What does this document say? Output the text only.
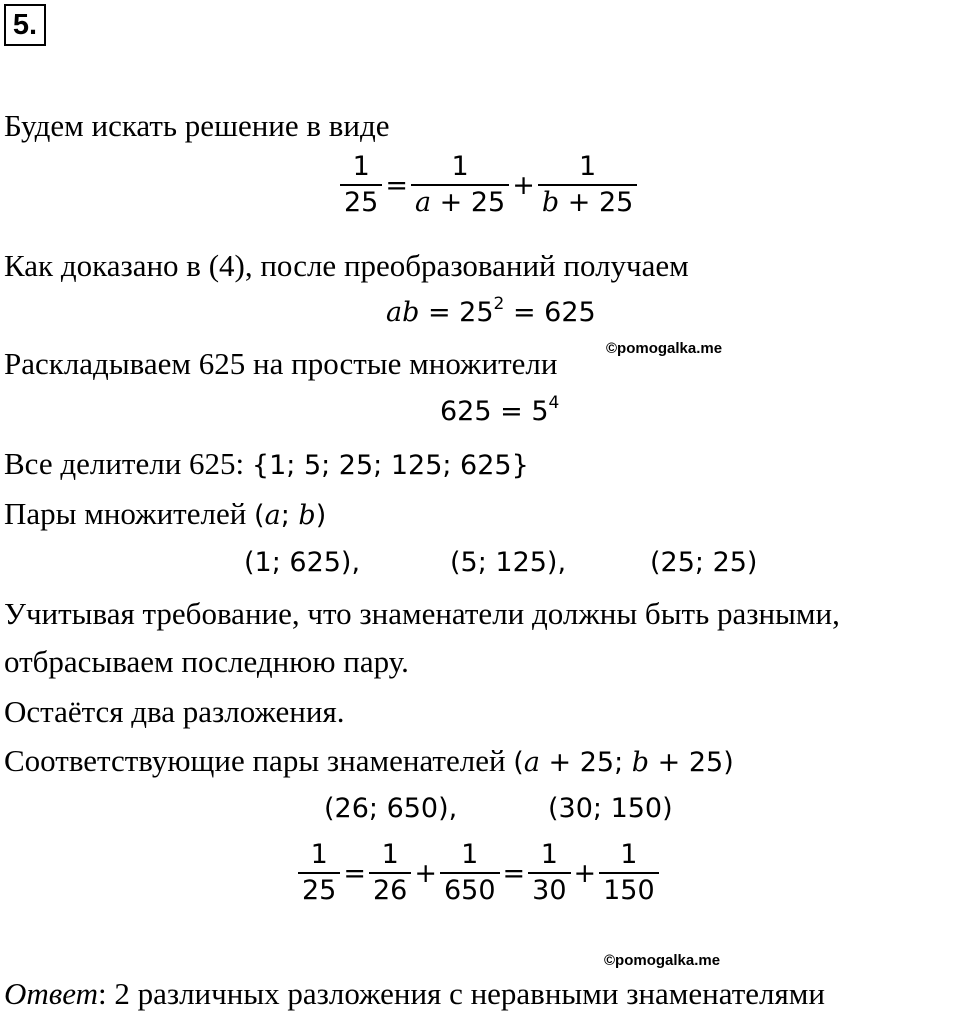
5.
Будем искать решение в виде
$\frac{1}{25} = \frac{1}{a + 25} + \frac{1}{b + 25}$
Как доказано в (4), после преобразований получаем
ab = $25^2 = 625$
©pomogalka.me
Раскладываем 625 на простые множители
$625 = 5^4$
Все делители 625: {1; 5; 25; 125; 625}
Пары множителей (a; b)
(1; 625),	(5; 125),	(25; 25)
Учитывая требование, что знаменатели должны быть разными,
отбрасываем последнюю пару.
Остаётся два разложения.
Соответствующие пары знаменателей (a + 25; b + 25)
(26; 650),	(30; 150)
$\frac{1}{25} = \frac{1}{26} + \frac{1}{650} = \frac{1}{30} + \frac{1}{150}$
©pomogalka.me
Ответ: 2 различных разложения с неравными знаменателями
